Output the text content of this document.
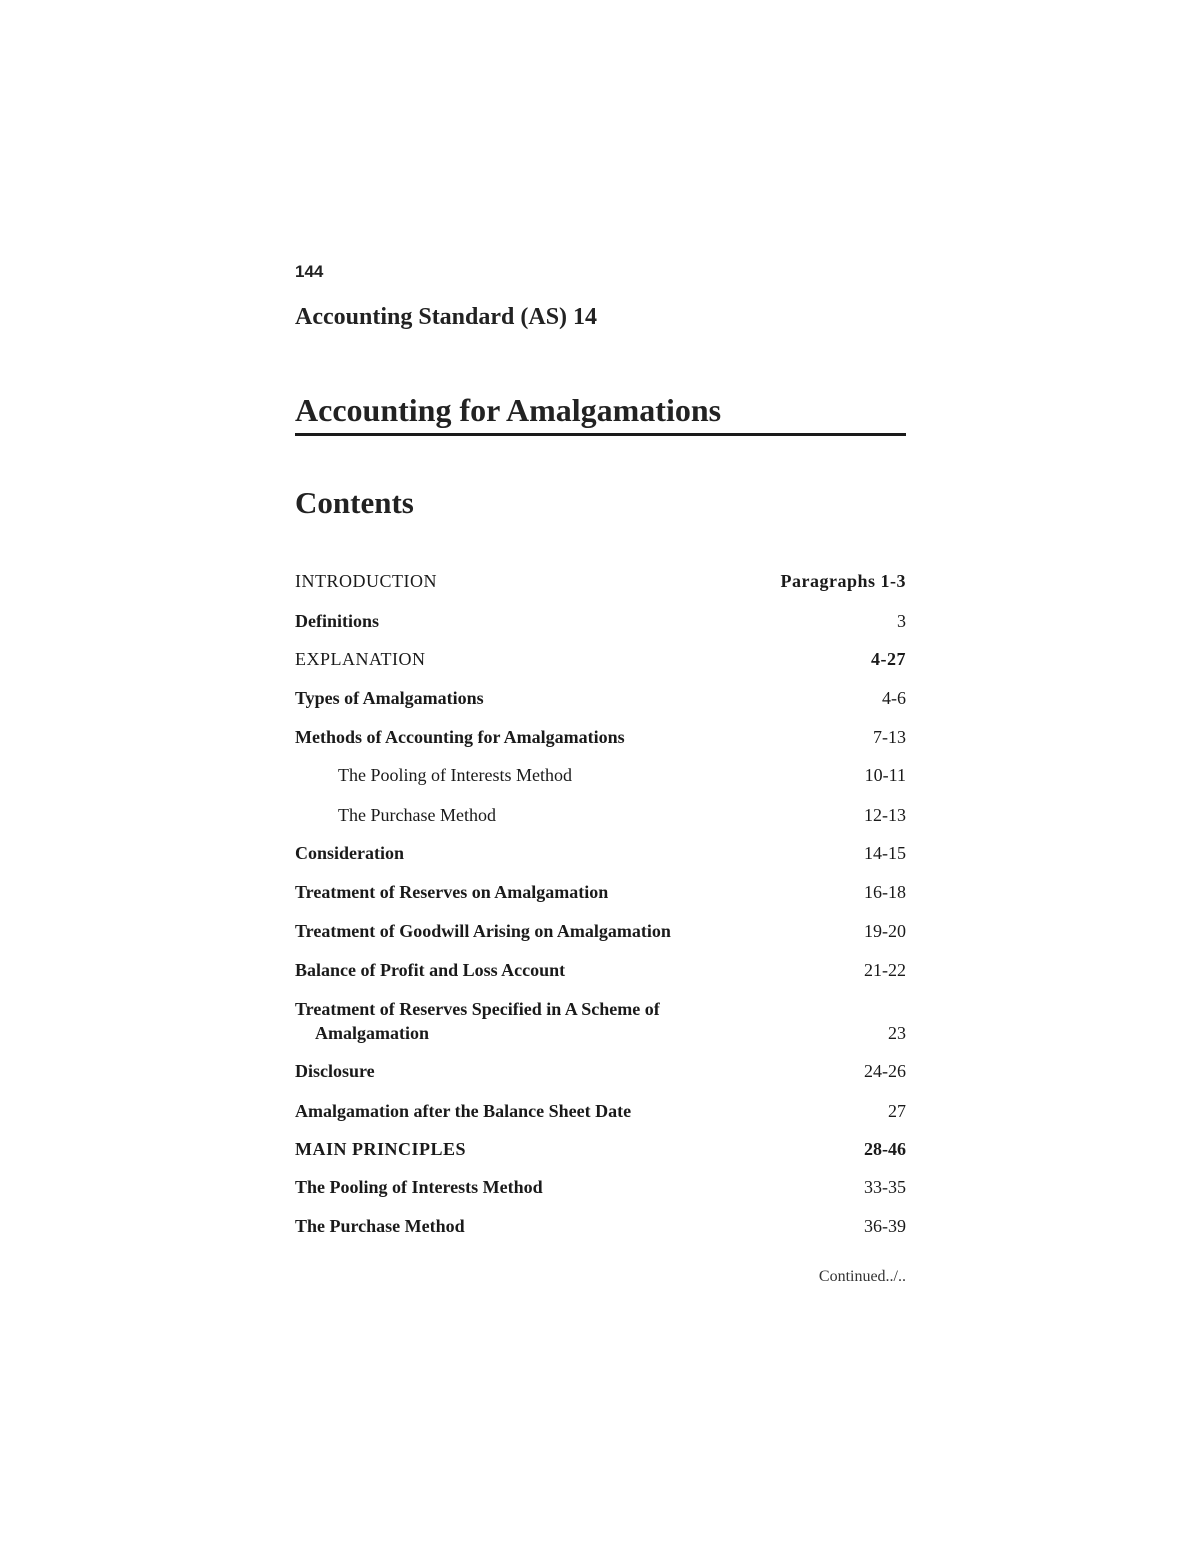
144
Accounting Standard (AS) 14
Accounting for Amalgamations
Contents
INTRODUCTION	Paragraphs 1-3
Definitions	3
EXPLANATION	4-27
Types of Amalgamations	4-6
Methods of Accounting for Amalgamations	7-13
The Pooling of Interests Method	10-11
The Purchase Method	12-13
Consideration	14-15
Treatment of Reserves on Amalgamation	16-18
Treatment of Goodwill Arising on Amalgamation	19-20
Balance of Profit and Loss Account	21-22
Treatment of Reserves Specified in A Scheme of
Amalgamation	23
Disclosure	24-26
Amalgamation after the Balance Sheet Date	27
MAIN PRINCIPLES	28-46
The Pooling of Interests Method	33-35
The Purchase Method	36-39
Continued../..
